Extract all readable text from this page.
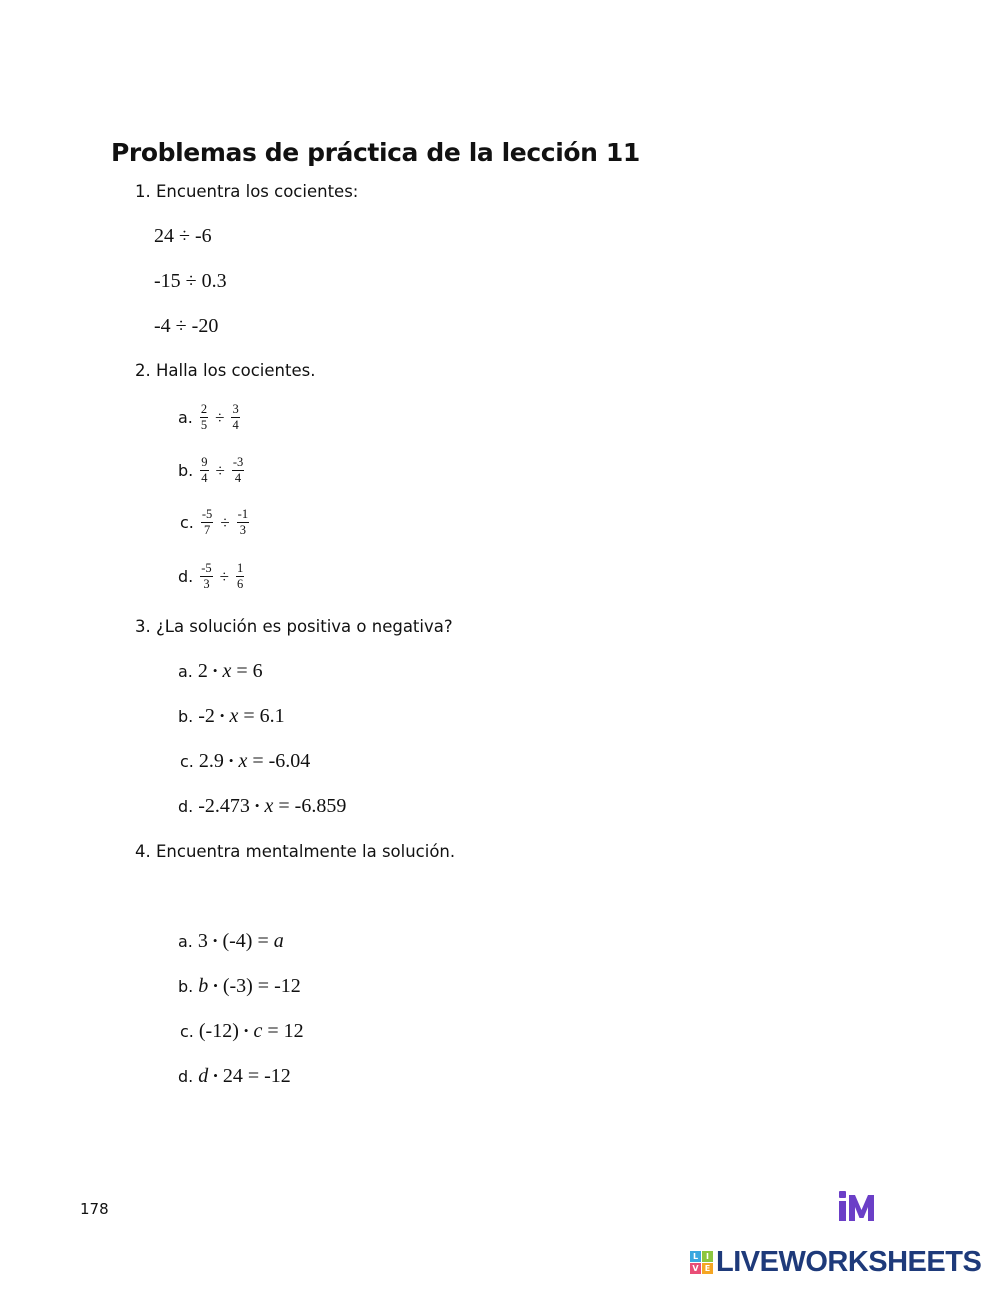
Problemas de práctica de la lección 11
1. Encuentra los cocientes:
24 ÷ -6
-15 ÷ 0.3
-4 ÷ -20
2. Halla los cocientes.
a. $\frac{2}{5} \div \frac{3}{4}$
b. $\frac{9}{4} \div \frac{-3}{4}$
c. $\frac{-5}{7} \div \frac{-1}{3}$
d. $\frac{-5}{3} \div \frac{1}{6}$
3. ¿La solución es positiva o negativa?
a. 2 • x = 6
b. -2 • x = 6.1
c. 2.9 • x = -6.04
d. -2.473 • x = -6.859
4. Encuentra mentalmente la solución.
a. 3 • (-4) = a
b. b • (-3) = -12
c. (-12) • c = 12
d. d • 24 = -12
178
L I
V E LIVEWORKSHEETS
